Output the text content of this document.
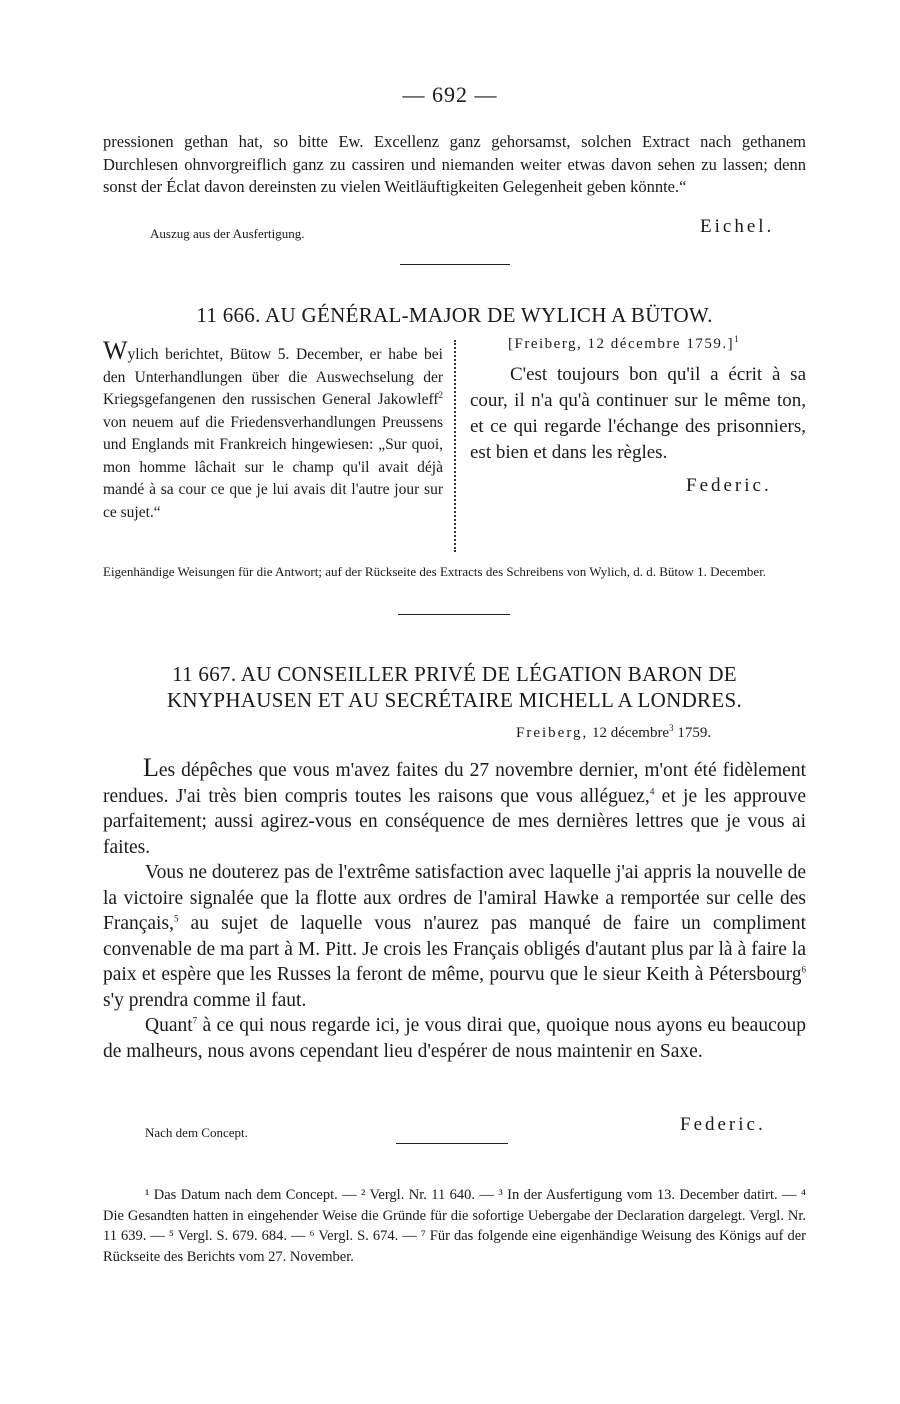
— 692 —
pressionen gethan hat, so bitte Ew. Excellenz ganz gehorsamst, solchen Extract nach gethanem Durchlesen ohnvorgreiflich ganz zu cassiren und niemanden weiter etwas davon sehen zu lassen; denn sonst der Éclat davon dereinsten zu vielen Weitläuftigkeiten Gelegenheit geben könnte.“
Auszug aus der Ausfertigung.	Eichel.
11 666. AU GÉNÉRAL-MAJOR DE WYLICH A BÜTOW.
Wylich berichtet, Bütow 5. December, er habe bei den Unterhandlungen über die Auswechselung der Kriegsgefangenen den russischen General Jakowleff$^2$ von neuem auf die Friedensverhandlungen Preussens und Englands mit Frankreich hingewiesen: „Sur quoi, mon homme lâchait sur le champ qu'il avait déjà mandé à sa cour ce que je lui avais dit l'autre jour sur ce sujet.“
[Freiberg, 12 décembre 1759.]$^1$
C'est toujours bon qu'il a écrit à sa cour, il n'a qu'à continuer sur le même ton, et ce qui regarde l'échange des prisonniers, est bien et dans les règles.
Federic.
Eigenhändige Weisungen für die Antwort; auf der Rückseite des Extracts des Schreibens von Wylich, d. d. Bütow 1. December.
11 667. AU CONSEILLER PRIVÉ DE LÉGATION BARON DE
KNYPHAUSEN ET AU SECRÉTAIRE MICHELL A LONDRES.
Freiberg, 12 décembre$^3$ 1759.

Les dépêches que vous m'avez faites du 27 novembre dernier, m'ont été fidèlement rendues. J'ai très bien compris toutes les raisons que vous alléguez,$^4$ et je les approuve parfaitement; aussi agirez-vous en conséquence de mes dernières lettres que je vous ai faites.

Vous ne douterez pas de l'extrême satisfaction avec laquelle j'ai appris la nouvelle de la victoire signalée que la flotte aux ordres de l'amiral Hawke a remportée sur celle des Français,$^5$ au sujet de laquelle vous n'aurez pas manqué de faire un compliment convenable de ma part à M. Pitt. Je crois les Français obligés d'autant plus par là à faire la paix et espère que les Russes la feront de même, pourvu que le sieur Keith à Pétersbourg$^6$ s'y prendra comme il faut.

Quant$^7$ à ce qui nous regarde ici, je vous dirai que, quoique nous ayons eu beaucoup de malheurs, nous avons cependant lieu d'espérer de nous maintenir en Saxe.

Nach dem Concept.	Federic.

¹ Das Datum nach dem Concept. — ² Vergl. Nr. 11 640. — ³ In der Ausfertigung vom 13. December datirt. — ⁴ Die Gesandten hatten in eingehender Weise die Gründe für die sofortige Uebergabe der Declaration dargelegt. Vergl. Nr. 11 639. — ⁵ Vergl. S. 679. 684. — ⁶ Vergl. S. 674. — ⁷ Für das folgende eine eigenhändige Weisung des Königs auf der Rückseite des Berichts vom 27. November.
